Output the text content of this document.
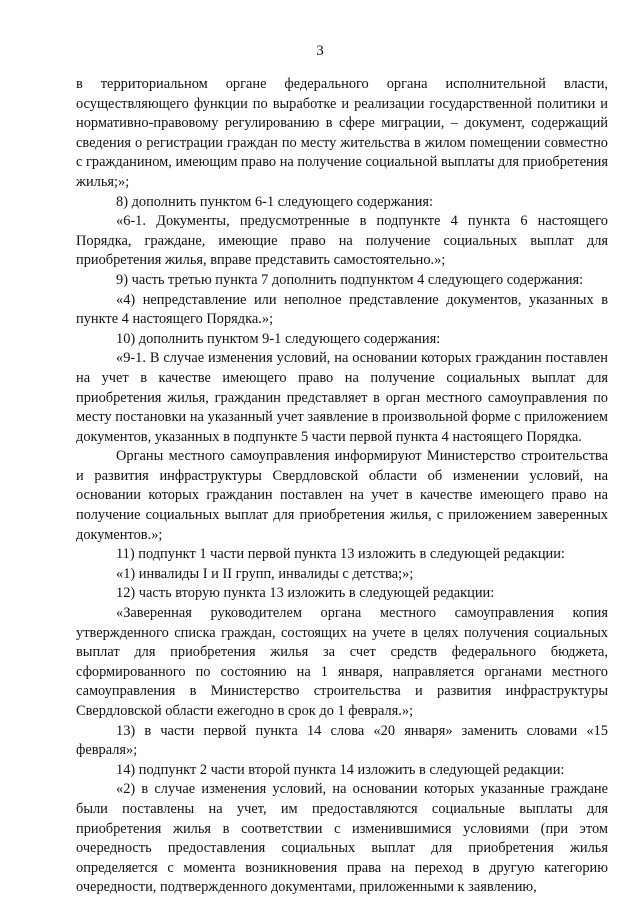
3

в территориальном органе федерального органа исполнительной власти, осуществляющего функции по выработке и реализации государственной политики и нормативно-правовому регулированию в сфере миграции, – документ, содержащий сведения о регистрации граждан по месту жительства в жилом помещении совместно с гражданином, имеющим право на получение социальной выплаты для приобретения жилья;»;

8) дополнить пунктом 6-1 следующего содержания:

«6-1. Документы, предусмотренные в подпункте 4 пункта 6 настоящего Порядка, граждане, имеющие право на получение социальных выплат для приобретения жилья, вправе представить самостоятельно.»;

9) часть третью пункта 7 дополнить подпунктом 4 следующего содержания:

«4) непредставление или неполное представление документов, указанных в пункте 4 настоящего Порядка.»;

10) дополнить пунктом 9-1 следующего содержания:

«9-1. В случае изменения условий, на основании которых гражданин поставлен на учет в качестве имеющего право на получение социальных выплат для приобретения жилья, гражданин представляет в орган местного самоуправления по месту постановки на указанный учет заявление в произвольной форме с приложением документов, указанных в подпункте 5 части первой пункта 4 настоящего Порядка.

Органы местного самоуправления информируют Министерство строительства и развития инфраструктуры Свердловской области об изменении условий, на основании которых гражданин поставлен на учет в качестве имеющего право на получение социальных выплат для приобретения жилья, с приложением заверенных документов.»;

11) подпункт 1 части первой пункта 13 изложить в следующей редакции:

«1) инвалиды I и II групп, инвалиды с детства;»;

12) часть вторую пункта 13 изложить в следующей редакции:

«Заверенная руководителем органа местного самоуправления копия утвержденного списка граждан, состоящих на учете в целях получения социальных выплат для приобретения жилья за счет средств федерального бюджета, сформированного по состоянию на 1 января, направляется органами местного самоуправления в Министерство строительства и развития инфраструктуры Свердловской области ежегодно в срок до 1 февраля.»;

13) в части первой пункта 14 слова «20 января» заменить словами «15 февраля»;

14) подпункт 2 части второй пункта 14 изложить в следующей редакции:

«2) в случае изменения условий, на основании которых указанные граждане были поставлены на учет, им предоставляются социальные выплаты для приобретения жилья в соответствии с изменившимися условиями (при этом очередность предоставления социальных выплат для приобретения жилья определяется с момента возникновения права на переход в другую категорию очередности, подтвержденного документами, приложенными к заявлению,
